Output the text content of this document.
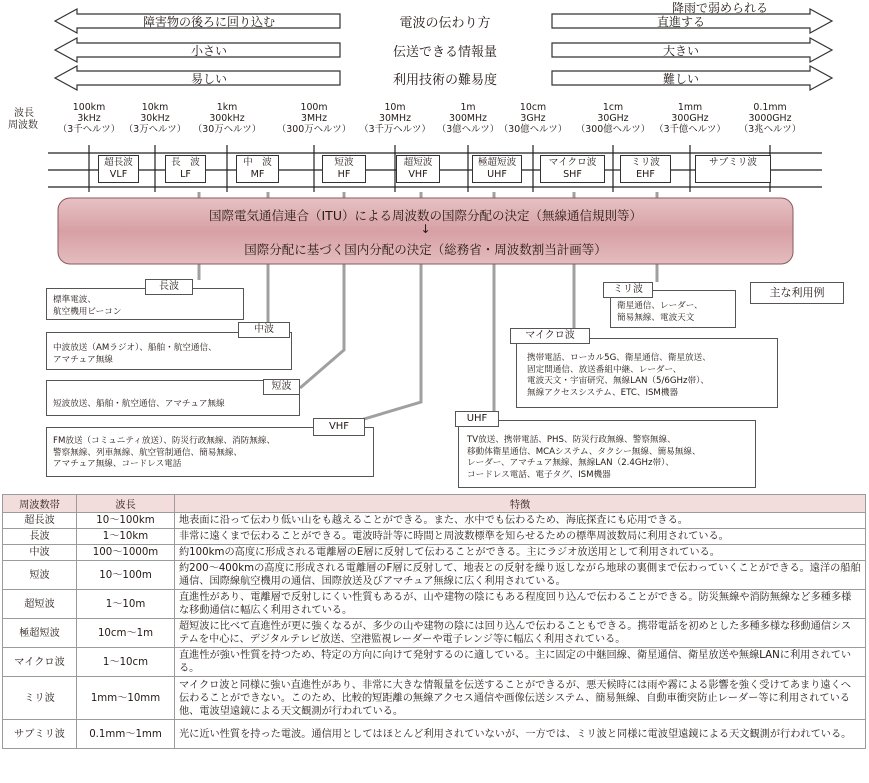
障害物の後ろに回り込む	電波の伝わり方	直進する
降雨で弱められる
小さい	伝送できる情報量	大きい
易しい	利用技術の難易度	難しい
波長
周波数
100km
3kHz
（3千ヘルツ）
10km
30kHz
（3万ヘルツ）
1km
300kHz
（30万ヘルツ）
100m
3MHz
（300万ヘルツ）
10m
30MHz
（3千万ヘルツ）
1m
300MHz
（3億ヘルツ）
10cm
3GHz
（30億ヘルツ）
1cm
30GHz
（300億ヘルツ）
1mm
300GHz
（3千億ヘルツ）
0.1mm
3000GHz
（3兆ヘルツ）
超長波
VLF
長　波
LF
中　波
MF
短波
HF
超短波
VHF
極超短波
UHF
マイクロ波
SHF
ミリ波
EHF
サブミリ波
国際電気通信連合（ITU）による周波数の国際分配の決定（無線通信規則等）
↓
国際分配に基づく国内分配の決定（総務省・周波数割当計画等）
主な利用例
標準電波、
航空機用ビーコン
長波
中波放送（AMラジオ）、船舶・航空通信、
アマチュア無線
中波
短波放送、船舶・航空通信、アマチュア無線
短波
FM放送（コミュニティ放送）、防災行政無線、消防無線、
警察無線、列車無線、航空管制通信、簡易無線、
アマチュア無線、コードレス電話
VHF
衛星通信、レーダー、
簡易無線、電波天文
ミリ波
携帯電話、ローカル5G、衛星通信、衛星放送、
固定間通信、放送番組中継、レーダー、
電波天文・宇宙研究、無線LAN（5/6GHz帯）、
無線アクセスシステム、ETC、ISM機器
マイクロ波
TV放送、携帯電話、PHS、防災行政無線、警察無線、
移動体衛星通信、MCAシステム、タクシー無線、簡易無線、
レーダー、アマチュア無線、無線LAN（2.4GHz帯）、
コードレス電話、電子タグ、ISM機器
UHF
周波数帯	波長	特徴
超長波	10～100km	地表面に沿って伝わり低い山をも越えることができる。また、水中でも伝わるため、海底探査にも応用できる。
長波	1～10km	非常に遠くまで伝わることができる。電波時計等に時間と周波数標準を知らせるための標準周波数局に利用されている。
中波	100～1000m	約100kmの高度に形成される電離層のE層に反射して伝わることができる。主にラジオ放送用として利用されている。
短波	10～100m	約200～400kmの高度に形成される電離層のF層に反射して、地表との反射を繰り返しながら地球の裏側まで伝わっていくことができる。遠洋の船舶通信、国際線航空機用の通信、国際放送及びアマチュア無線に広く利用されている。
超短波	1～10m	直進性があり、電離層で反射しにくい性質もあるが、山や建物の陰にもある程度回り込んで伝わることができる。防災無線や消防無線など多種多様な移動通信に幅広く利用されている。
極超短波	10cm～1m	超短波に比べて直進性が更に強くなるが、多少の山や建物の陰には回り込んで伝わることもできる。携帯電話を初めとした多種多様な移動通信システムを中心に、デジタルテレビ放送、空港監視レーダーや電子レンジ等に幅広く利用されている。
マイクロ波	1～10cm	直進性が強い性質を持つため、特定の方向に向けて発射するのに適している。主に固定の中継回線、衛星通信、衛星放送や無線LANに利用されている。
ミリ波	1mm～10mm	マイクロ波と同様に強い直進性があり、非常に大きな情報量を伝送することができるが、悪天候時には雨や霧による影響を強く受けてあまり遠くへ伝わることができない。このため、比較的短距離の無線アクセス通信や画像伝送システム、簡易無線、自動車衝突防止レーダー等に利用されている他、電波望遠鏡による天文観測が行われている。
サブミリ波	0.1mm～1mm	光に近い性質を持った電波。通信用としてはほとんど利用されていないが、一方では、ミリ波と同様に電波望遠鏡による天文観測が行われている。
